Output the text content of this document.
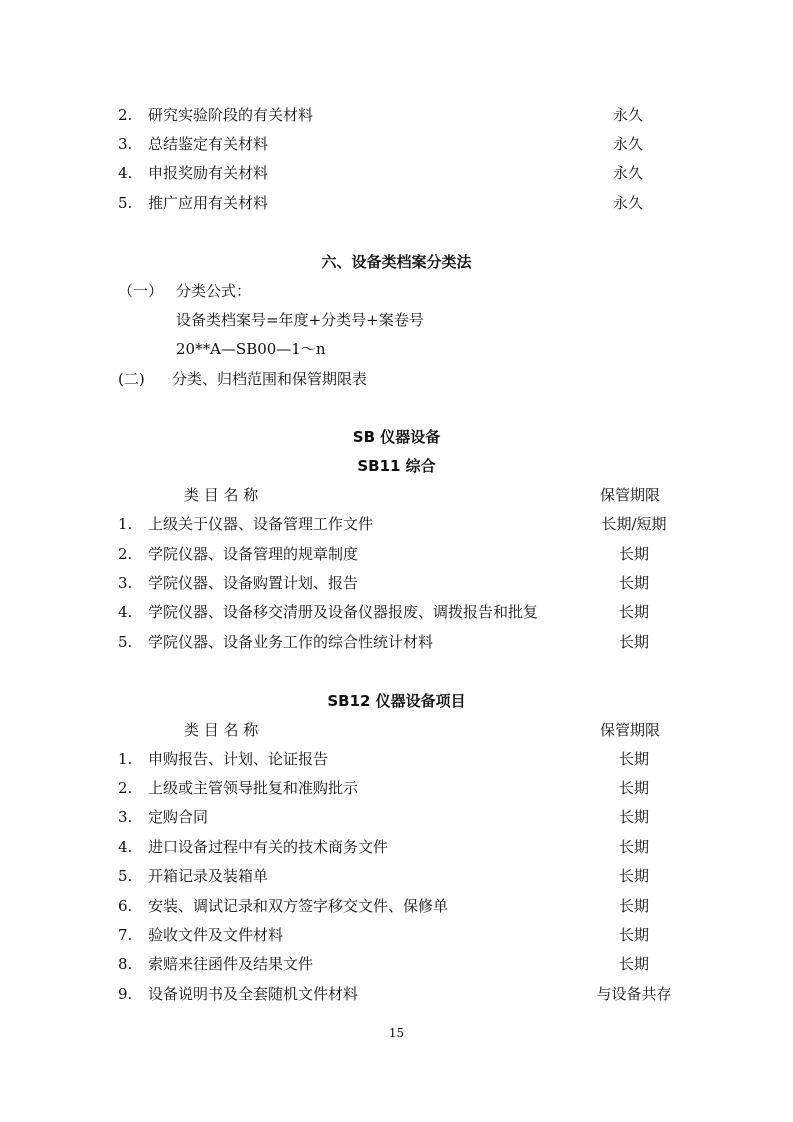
2. 研究实验阶段的有关材料	永久
3. 总结鉴定有关材料	永久
4. 申报奖励有关材料	永久
5. 推广应用有关材料	永久
六、设备类档案分类法
（一） 分类公式：
设备类档案号=年度+分类号+案卷号
20**A—SB00—1～n
(二) 分类、归档范围和保管期限表
SB 仪器设备
SB11 综合
类 目 名 称	保管期限
1. 上级关于仪器、设备管理工作文件	长期/短期
2. 学院仪器、设备管理的规章制度	长期
3. 学院仪器、设备购置计划、报告	长期
4. 学院仪器、设备移交清册及设备仪器报废、调拨报告和批复	长期
5. 学院仪器、设备业务工作的综合性统计材料	长期
SB12 仪器设备项目
类 目 名 称	保管期限
1. 申购报告、计划、论证报告	长期
2. 上级或主管领导批复和准购批示	长期
3. 定购合同	长期
4. 进口设备过程中有关的技术商务文件	长期
5. 开箱记录及装箱单	长期
6. 安装、调试记录和双方签字移交文件、保修单	长期
7. 验收文件及文件材料	长期
8. 索赔来往函件及结果文件	长期
9. 设备说明书及全套随机文件材料	与设备共存
15
